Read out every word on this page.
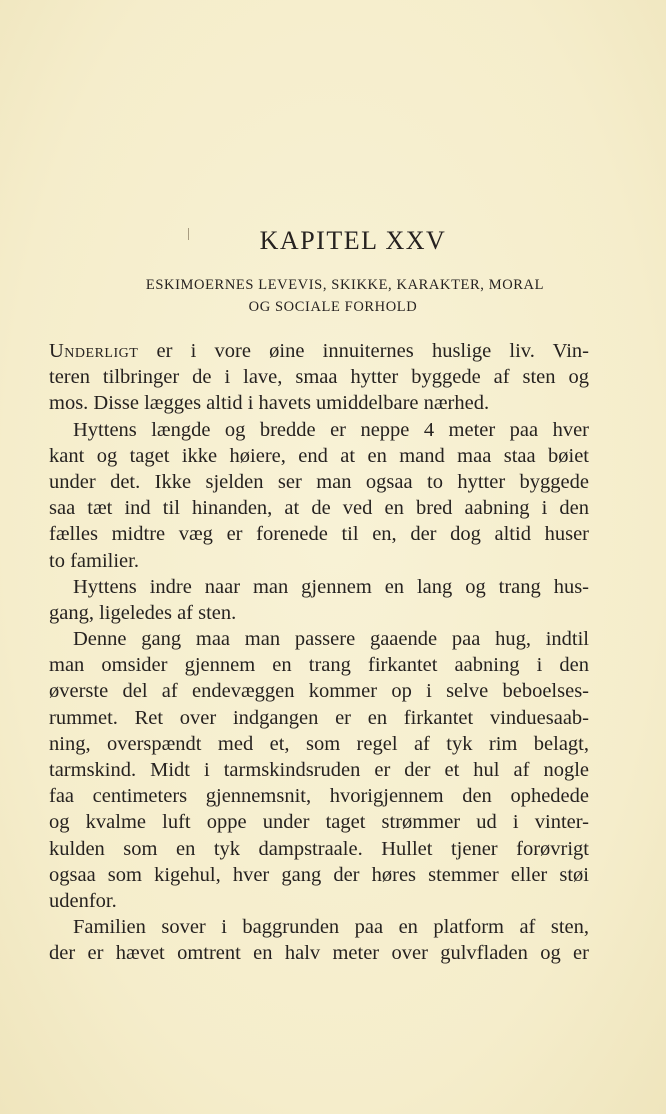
KAPITEL XXV
ESKIMOERNES LEVEVIS, SKIKKE, KARAKTER, MORAL
OG SOCIALE FORHOLD
Underligt er i vore øine innuiternes huslige liv. Vin-
teren tilbringer de i lave, smaa hytter byggede af sten og
mos. Disse lægges altid i havets umiddelbare nærhed.
Hyttens længde og bredde er neppe 4 meter paa hver
kant og taget ikke høiere, end at en mand maa staa bøiet
under det. Ikke sjelden ser man ogsaa to hytter byggede
saa tæt ind til hinanden, at de ved en bred aabning i den
fælles midtre væg er forenede til en, der dog altid huser
to familier.
Hyttens indre naar man gjennem en lang og trang hus-
gang, ligeledes af sten.
Denne gang maa man passere gaaende paa hug, indtil
man omsider gjennem en trang firkantet aabning i den
øverste del af endevæggen kommer op i selve beboelses-
rummet. Ret over indgangen er en firkantet vinduesaab-
ning, overspændt med et, som regel af tyk rim belagt,
tarmskind. Midt i tarmskindsruden er der et hul af nogle
faa centimeters gjennemsnit, hvorigjennem den ophedede
og kvalme luft oppe under taget strømmer ud i vinter-
kulden som en tyk dampstraale. Hullet tjener forøvrigt
ogsaa som kigehul, hver gang der høres stemmer eller støi
udenfor.
Familien sover i baggrunden paa en platform af sten,
der er hævet omtrent en halv meter over gulvfladen og er
